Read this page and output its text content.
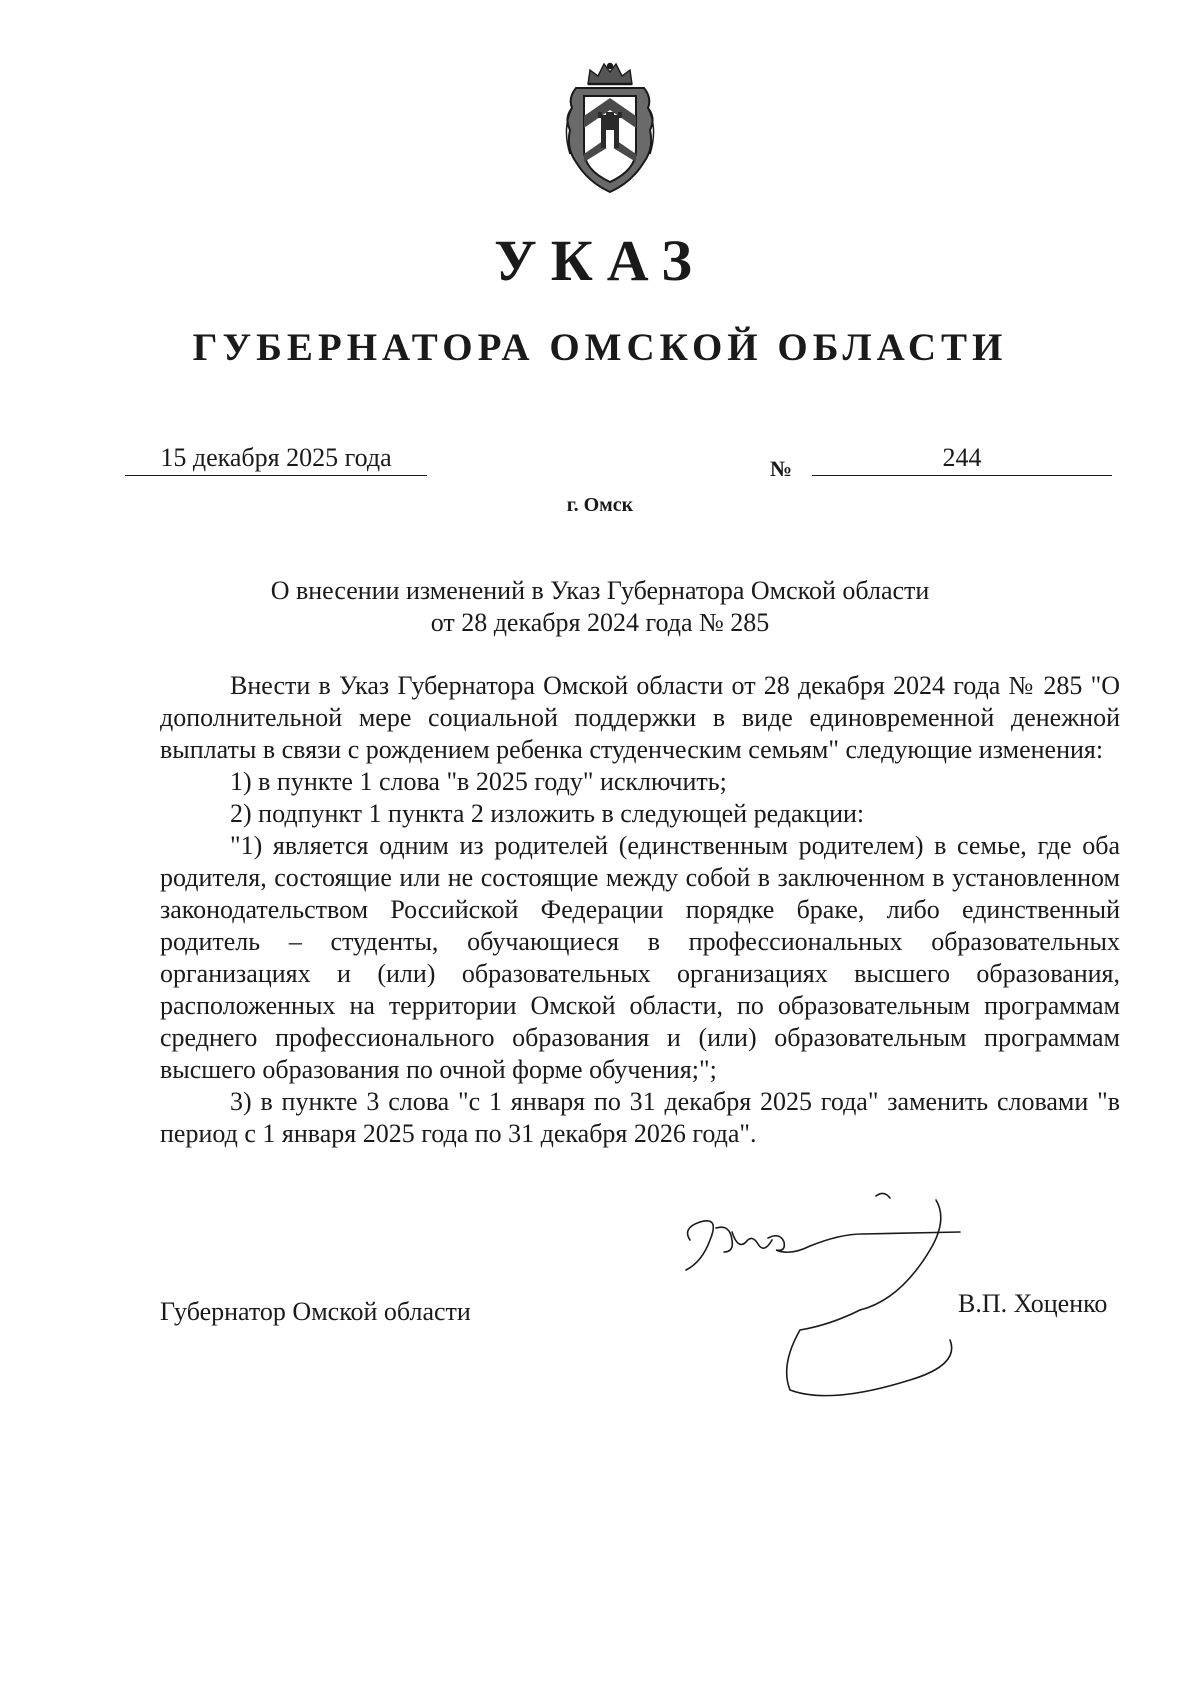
УКАЗ
ГУБЕРНАТОРА ОМСКОЙ ОБЛАСТИ
15 декабря 2025 года	№	244
г. Омск
О внесении изменений в Указ Губернатора Омской области
от 28 декабря 2024 года № 285

Внести в Указ Губернатора Омской области от 28 декабря 2024 года № 285 "О дополнительной мере социальной поддержки в виде единовременной денежной выплаты в связи с рождением ребенка студенческим семьям" следующие изменения:

1) в пункте 1 слова "в 2025 году" исключить;

2) подпункт 1 пункта 2 изложить в следующей редакции:

"1) является одним из родителей (единственным родителем) в семье, где оба родителя, состоящие или не состоящие между собой в заключенном в установленном законодательством Российской Федерации порядке браке, либо единственный родитель – студенты, обучающиеся в профессиональных образовательных организациях и (или) образовательных организациях высшего образования, расположенных на территории Омской области, по образовательным программам среднего профессионального образования и (или) образовательным программам высшего образования по очной форме обучения;";

3) в пункте 3 слова "с 1 января по 31 декабря 2025 года" заменить словами "в период с 1 января 2025 года по 31 декабря 2026 года".

Губернатор Омской области	В.П. Хоценко
